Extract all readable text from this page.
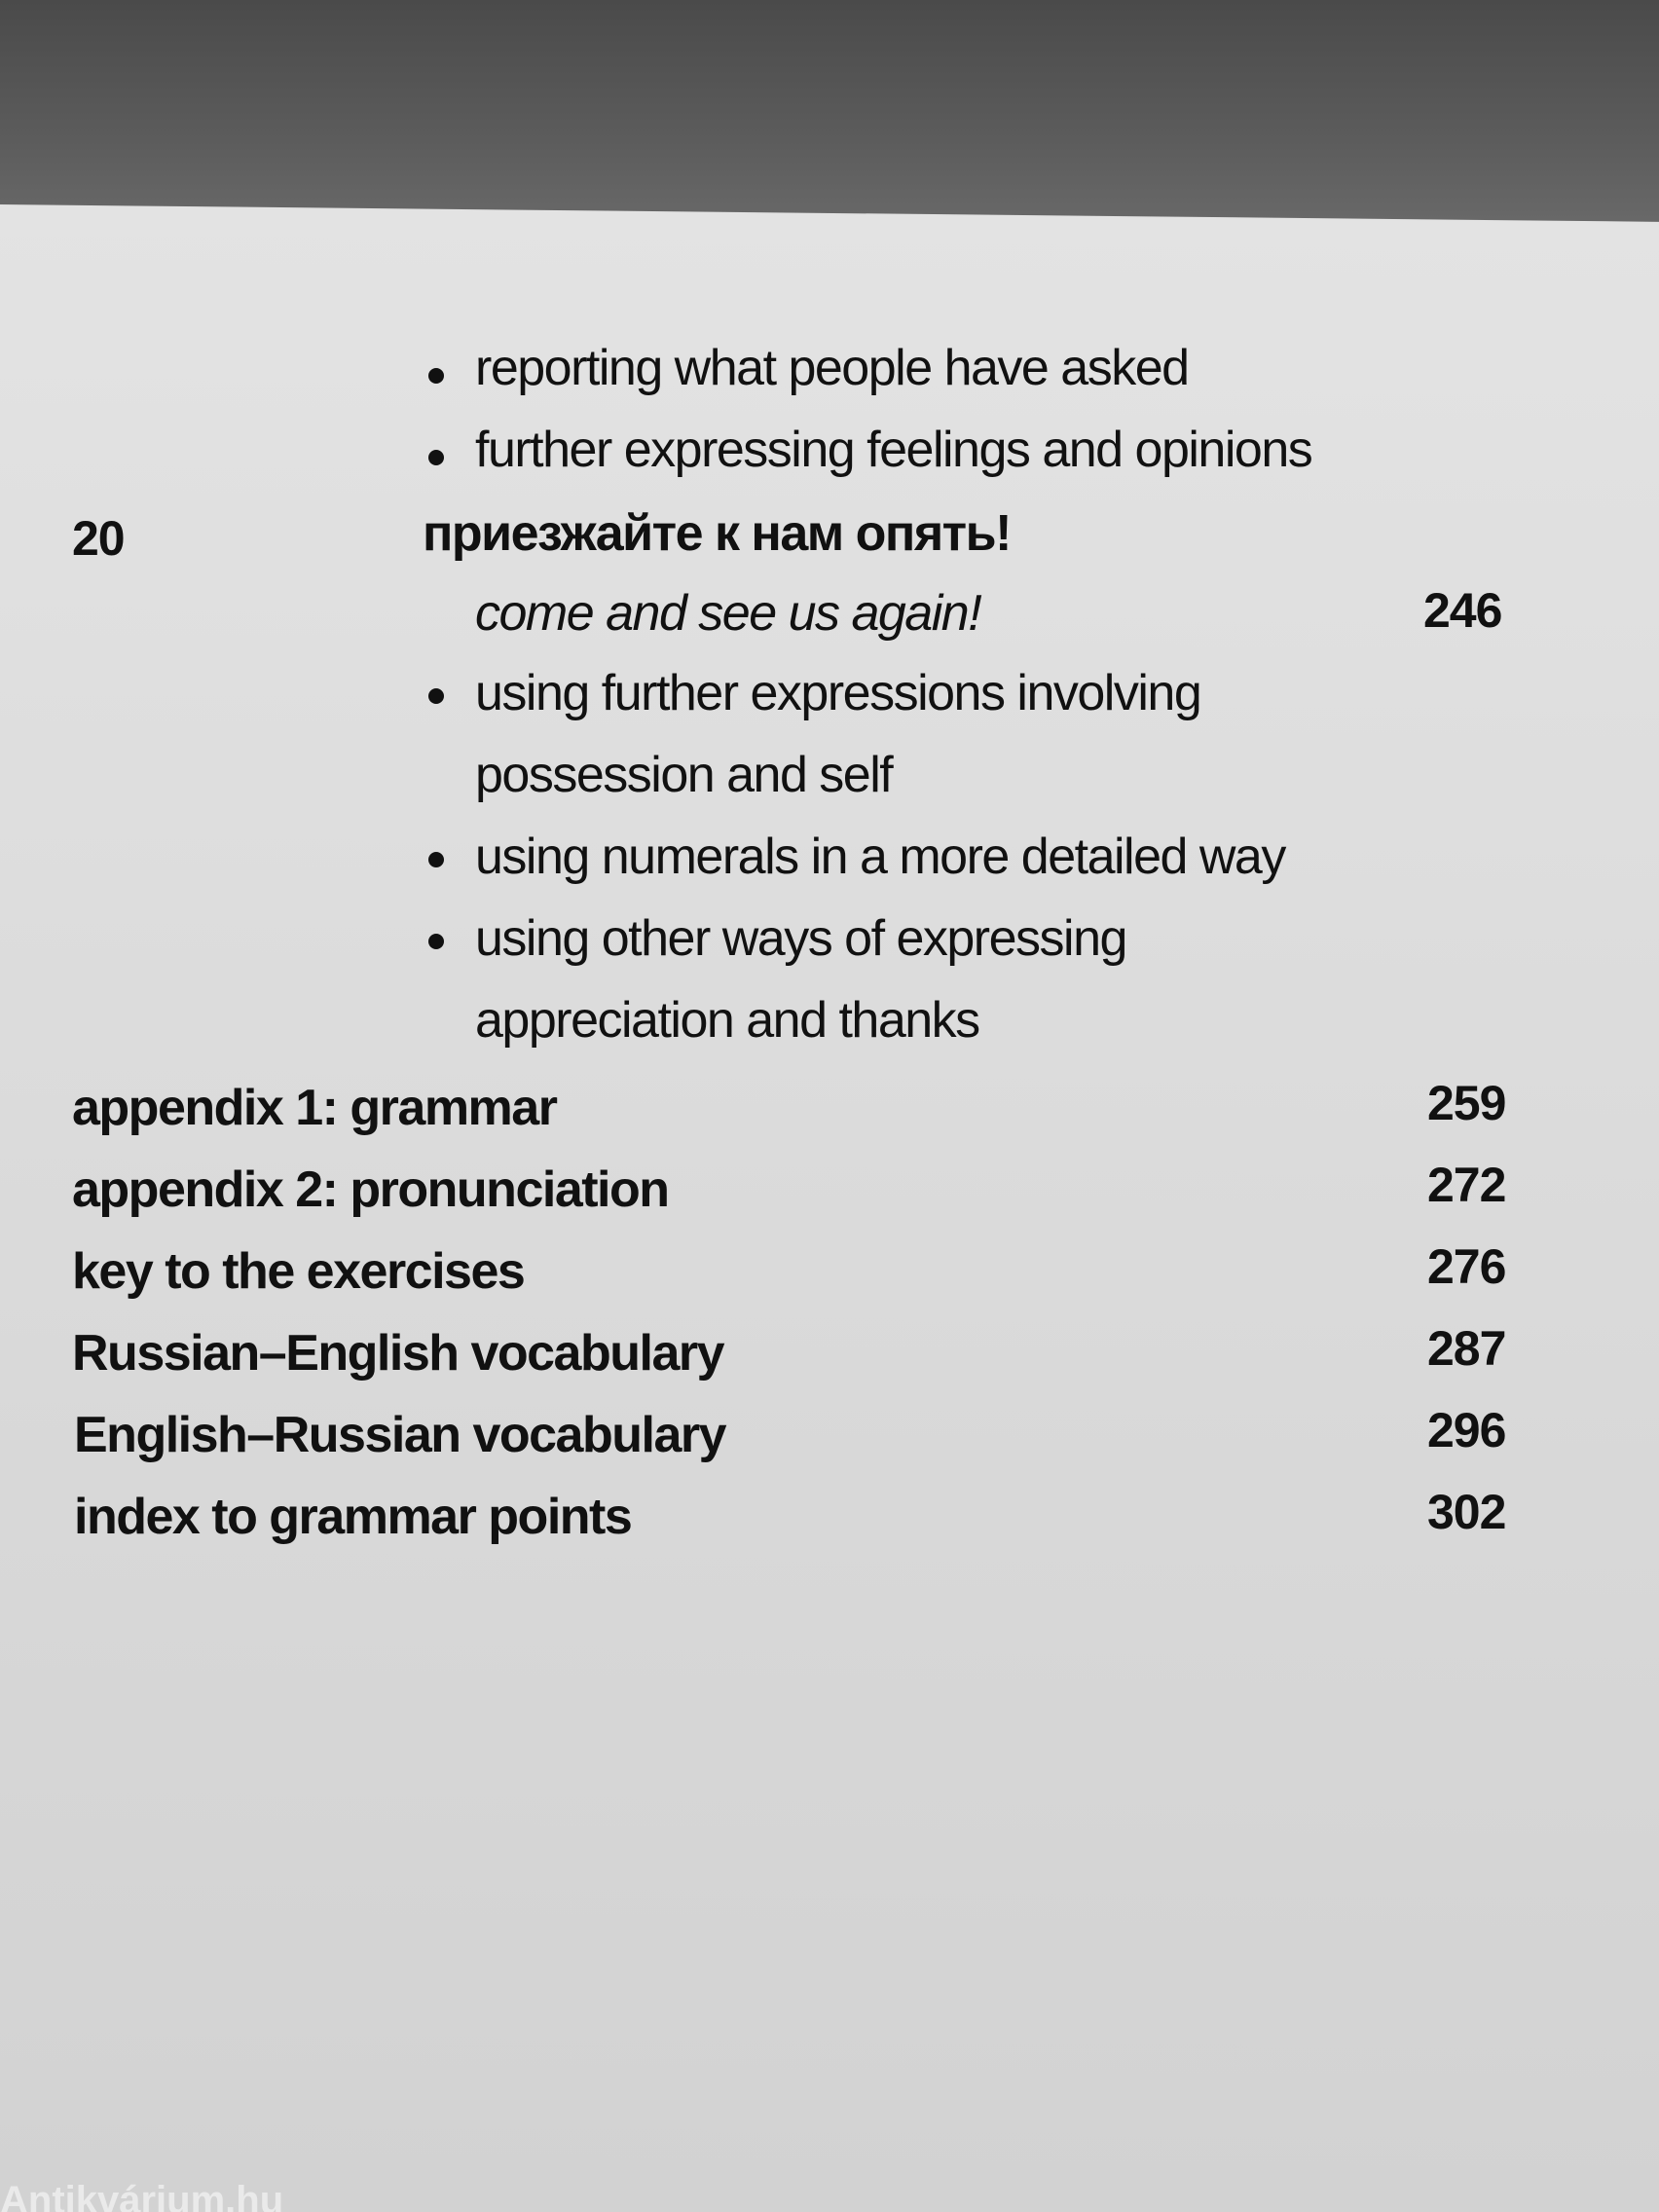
reporting what people have asked
further expressing feelings and opinions
20	приезжайте к нам опять!
come and see us again!	246
using further expressions involving
possession and self
using numerals in a more detailed way
using other ways of expressing
appreciation and thanks
appendix 1: grammar	259
appendix 2: pronunciation	272
key to the exercises	276
Russian–English vocabulary	287
English–Russian vocabulary	296
index to grammar points	302
Antikvárium.hu
